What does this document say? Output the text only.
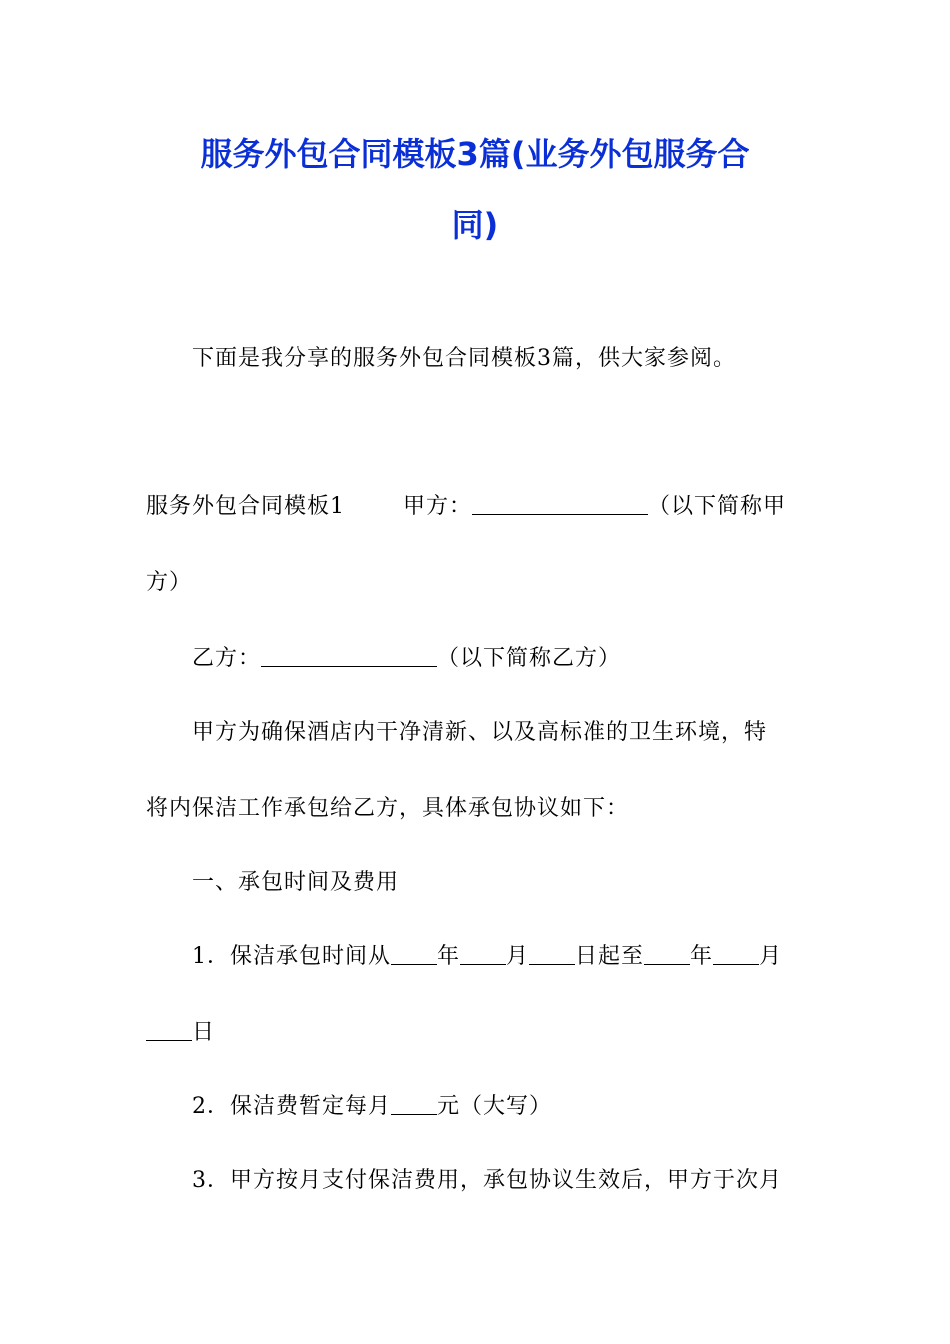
服务外包合同模板3篇(业务外包服务合
同)
下面是我分享的服务外包合同模板3篇，供大家参阅。
服务外包合同模板1	甲方：	（以下简称甲
方）
乙方：	（以下简称乙方）
甲方为确保酒店内干净清新、以及高标准的卫生环境，特
将内保洁工作承包给乙方，具体承包协议如下：
一、承包时间及费用
1．保洁承包时间从 年 月 日起至 年 月
日
2．保洁费暂定每月 元（大写）
3．甲方按月支付保洁费用，承包协议生效后，甲方于次月
